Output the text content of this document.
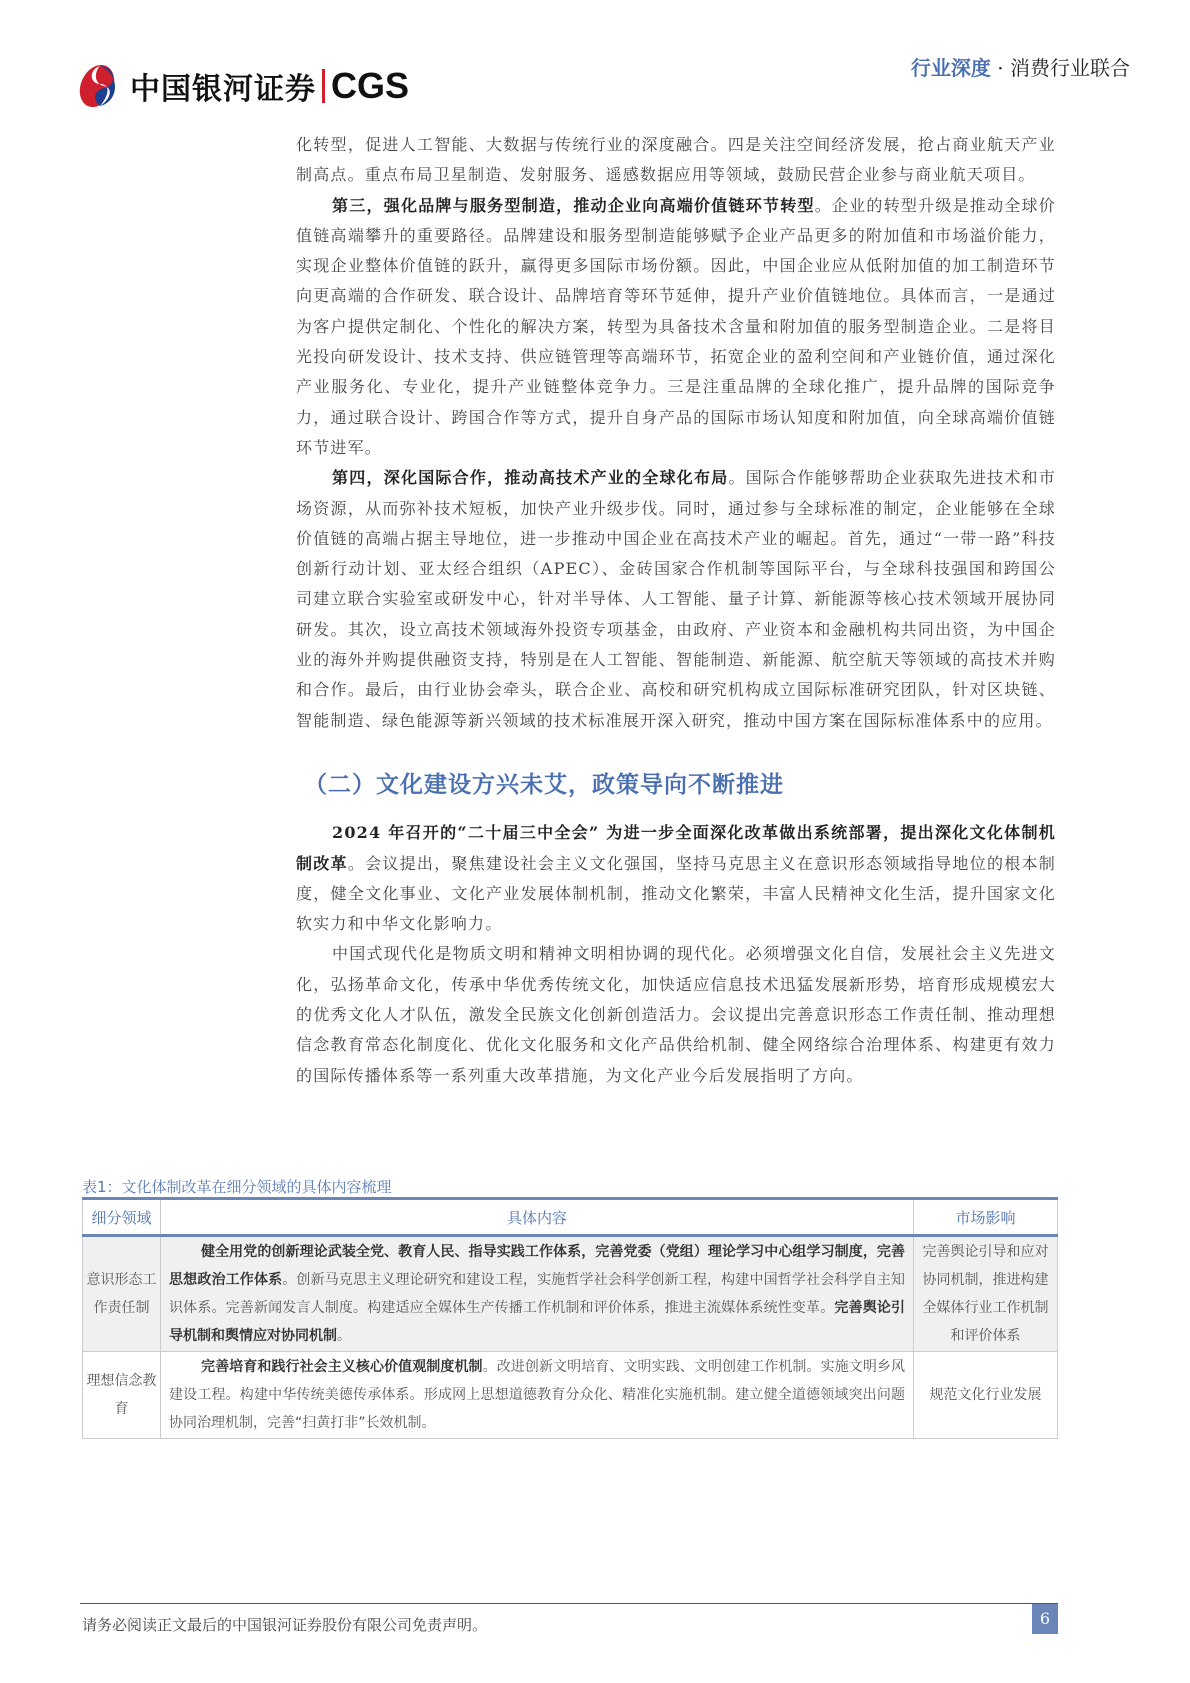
中国银河证券 CGS	行业深度 · 消费行业联合

化转型，促进人工智能、大数据与传统行业的深度融合。四是关注空间经济发展，抢占商业航天产业制高点。重点布局卫星制造、发射服务、遥感数据应用等领域，鼓励民营企业参与商业航天项目。

第三，强化品牌与服务型制造，推动企业向高端价值链环节转型。企业的转型升级是推动全球价值链高端攀升的重要路径。品牌建设和服务型制造能够赋予企业产品更多的附加值和市场溢价能力，实现企业整体价值链的跃升，赢得更多国际市场份额。因此，中国企业应从低附加值的加工制造环节向更高端的合作研发、联合设计、品牌培育等环节延伸，提升产业价值链地位。具体而言，一是通过为客户提供定制化、个性化的解决方案，转型为具备技术含量和附加值的服务型制造企业。二是将目光投向研发设计、技术支持、供应链管理等高端环节，拓宽企业的盈利空间和产业链价值，通过深化产业服务化、专业化，提升产业链整体竞争力。三是注重品牌的全球化推广，提升品牌的国际竞争力，通过联合设计、跨国合作等方式，提升自身产品的国际市场认知度和附加值，向全球高端价值链环节进军。

第四，深化国际合作，推动高技术产业的全球化布局。国际合作能够帮助企业获取先进技术和市场资源，从而弥补技术短板，加快产业升级步伐。同时，通过参与全球标准的制定，企业能够在全球价值链的高端占据主导地位，进一步推动中国企业在高技术产业的崛起。首先，通过“一带一路”科技创新行动计划、亚太经合组织（APEC）、金砖国家合作机制等国际平台，与全球科技强国和跨国公司建立联合实验室或研发中心，针对半导体、人工智能、量子计算、新能源等核心技术领域开展协同研发。其次，设立高技术领域海外投资专项基金，由政府、产业资本和金融机构共同出资，为中国企业的海外并购提供融资支持，特别是在人工智能、智能制造、新能源、航空航天等领域的高技术并购和合作。最后，由行业协会牵头，联合企业、高校和研究机构成立国际标准研究团队，针对区块链、智能制造、绿色能源等新兴领域的技术标准展开深入研究，推动中国方案在国际标准体系中的应用。

（二）文化建设方兴未艾，政策导向不断推进

2024 年召开的“二十届三中全会” 为进一步全面深化改革做出系统部署，提出深化文化体制机制改革。会议提出，聚焦建设社会主义文化强国，坚持马克思主义在意识形态领域指导地位的根本制度，健全文化事业、文化产业发展体制机制，推动文化繁荣，丰富人民精神文化生活，提升国家文化软实力和中华文化影响力。

中国式现代化是物质文明和精神文明相协调的现代化。必须增强文化自信，发展社会主义先进文化，弘扬革命文化，传承中华优秀传统文化，加快适应信息技术迅猛发展新形势，培育形成规模宏大的优秀文化人才队伍，激发全民族文化创新创造活力。会议提出完善意识形态工作责任制、推动理想信念教育常态化制度化、优化文化服务和文化产品供给机制、健全网络综合治理体系、构建更有效力的国际传播体系等一系列重大改革措施，为文化产业今后发展指明了方向。

表1：文化体制改革在细分领域的具体内容梳理
细分领域	具体内容	市场影响
意识形态工作责任制	健全用党的创新理论武装全党、教育人民、指导实践工作体系，完善党委（党组）理论学习中心组学习制度，完善思想政治工作体系。创新马克思主义理论研究和建设工程，实施哲学社会科学创新工程，构建中国哲学社会科学自主知识体系。完善新闻发言人制度。构建适应全媒体生产传播工作机制和评价体系，推进主流媒体系统性变革。完善舆论引导机制和舆情应对协同机制。	完善舆论引导和应对协同机制，推进构建全媒体行业工作机制和评价体系
理想信念教育	完善培育和践行社会主义核心价值观制度机制。改进创新文明培育、文明实践、文明创建工作机制。实施文明乡风建设工程。构建中华传统美德传承体系。形成网上思想道德教育分众化、精准化实施机制。建立健全道德领域突出问题协同治理机制，完善“扫黄打非”长效机制。	规范文化行业发展
请务必阅读正文最后的中国银河证券股份有限公司免责声明。	6
